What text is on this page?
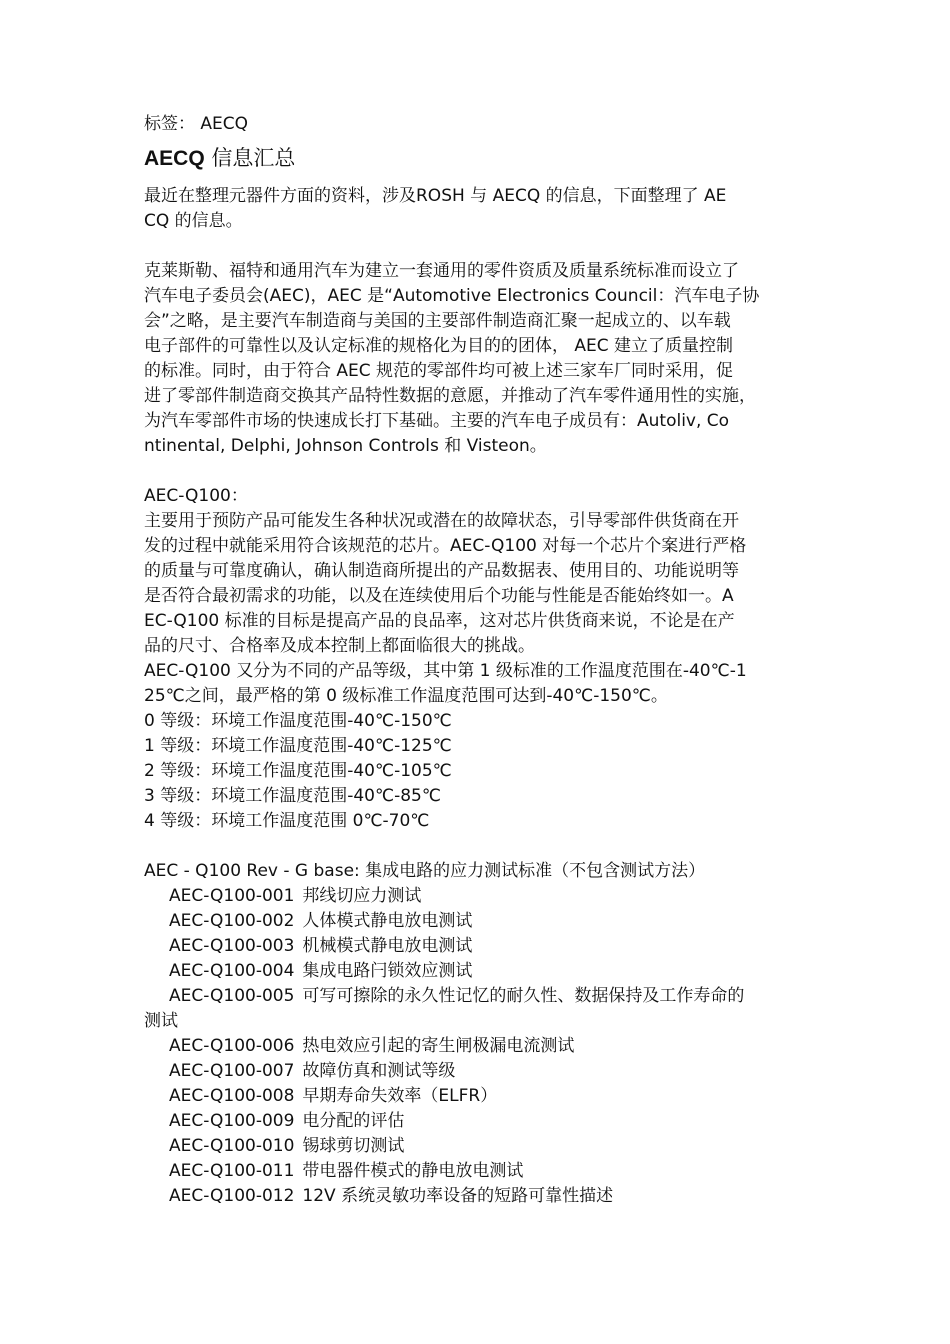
标签： AECQ
AECQ 信息汇总
最近在整理元器件方面的资料，涉及ROSH 与 AECQ 的信息，下面整理了 AE
CQ 的信息。
克莱斯勒、福特和通用汽车为建立一套通用的零件资质及质量系统标准而设立了
汽车电子委员会(AEC)，AEC 是“Automotive Electronics Council：汽车电子协
会”之略，是主要汽车制造商与美国的主要部件制造商汇聚一起成立的、以车载
电子部件的可靠性以及认定标准的规格化为目的的团体， AEC 建立了质量控制
的标准。同时，由于符合 AEC 规范的零部件均可被上述三家车厂同时采用，促
进了零部件制造商交换其产品特性数据的意愿，并推动了汽车零件通用性的实施，
为汽车零部件市场的快速成长打下基础。主要的汽车电子成员有：Autoliv, Co
ntinental, Delphi, Johnson Controls 和 Visteon。
AEC-Q100：
主要用于预防产品可能发生各种状况或潜在的故障状态，引导零部件供货商在开
发的过程中就能采用符合该规范的芯片。AEC-Q100 对每一个芯片个案进行严格
的质量与可靠度确认，确认制造商所提出的产品数据表、使用目的、功能说明等
是否符合最初需求的功能，以及在连续使用后个功能与性能是否能始终如一。A
EC-Q100 标准的目标是提高产品的良品率，这对芯片供货商来说，不论是在产
品的尺寸、合格率及成本控制上都面临很大的挑战。
AEC-Q100 又分为不同的产品等级，其中第 1 级标准的工作温度范围在-40℃-1
25℃之间，最严格的第 0 级标准工作温度范围可达到-40℃-150℃。
0 等级：环境工作温度范围-40℃-150℃
1 等级：环境工作温度范围-40℃-125℃
2 等级：环境工作温度范围-40℃-105℃
3 等级：环境工作温度范围-40℃-85℃
4 等级：环境工作温度范围 0℃-70℃
AEC - Q100 Rev - G base: 集成电路的应力测试标准（不包含测试方法）
AEC-Q100-001 邦线切应力测试
AEC-Q100-002 人体模式静电放电测试
AEC-Q100-003 机械模式静电放电测试
AEC-Q100-004 集成电路闩锁效应测试
AEC-Q100-005 可写可擦除的永久性记忆的耐久性、数据保持及工作寿命的
测试
AEC-Q100-006 热电效应引起的寄生闸极漏电流测试
AEC-Q100-007 故障仿真和测试等级
AEC-Q100-008 早期寿命失效率（ELFR）
AEC-Q100-009 电分配的评估
AEC-Q100-010 锡球剪切测试
AEC-Q100-011 带电器件模式的静电放电测试
AEC-Q100-012 12V 系统灵敏功率设备的短路可靠性描述
